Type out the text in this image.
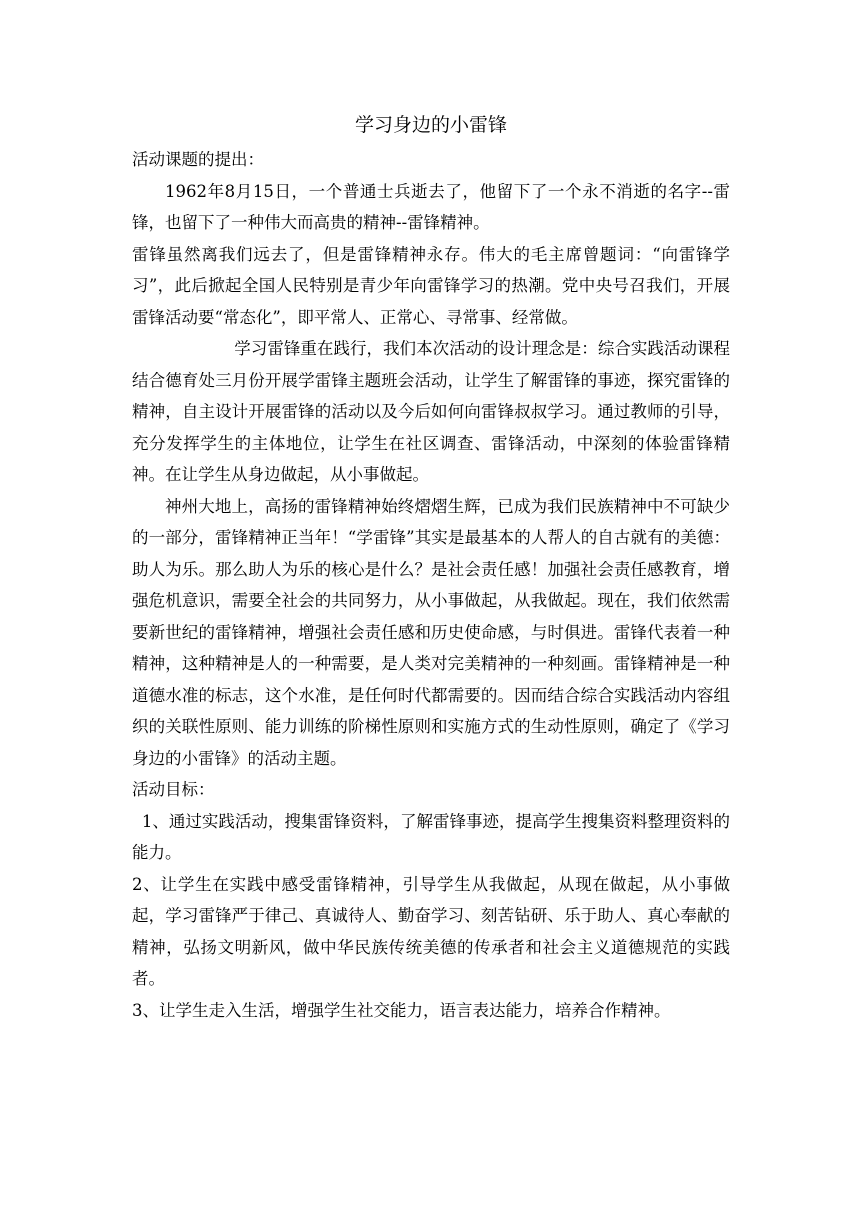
学习身边的小雷锋

活动课题的提出：

1962年8月15日，一个普通士兵逝去了，他留下了一个永不消逝的名字--雷锋，也留下了一种伟大而高贵的精神--雷锋精神。

雷锋虽然离我们远去了，但是雷锋精神永存。伟大的毛主席曾题词：“向雷锋学习”，此后掀起全国人民特别是青少年向雷锋学习的热潮。党中央号召我们，开展雷锋活动要“常态化”，即平常人、正常心、寻常事、经常做。

学习雷锋重在践行，我们本次活动的设计理念是：综合实践活动课程结合德育处三月份开展学雷锋主题班会活动，让学生了解雷锋的事迹，探究雷锋的精神，自主设计开展雷锋的活动以及今后如何向雷锋叔叔学习。通过教师的引导，充分发挥学生的主体地位，让学生在社区调查、雷锋活动，中深刻的体验雷锋精神。在让学生从身边做起，从小事做起。

神州大地上，高扬的雷锋精神始终熠熠生辉，已成为我们民族精神中不可缺少的一部分，雷锋精神正当年！“学雷锋”其实是最基本的人帮人的自古就有的美德：助人为乐。那么助人为乐的核心是什么？是社会责任感！加强社会责任感教育，增强危机意识，需要全社会的共同努力，从小事做起，从我做起。现在，我们依然需要新世纪的雷锋精神，增强社会责任感和历史使命感，与时俱进。雷锋代表着一种精神，这种精神是人的一种需要，是人类对完美精神的一种刻画。雷锋精神是一种道德水准的标志，这个水准，是任何时代都需要的。因而结合综合实践活动内容组织的关联性原则、能力训练的阶梯性原则和实施方式的生动性原则，确定了《学习身边的小雷锋》的活动主题。

活动目标：

1、通过实践活动，搜集雷锋资料，了解雷锋事迹，提高学生搜集资料整理资料的能力。

2、让学生在实践中感受雷锋精神，引导学生从我做起，从现在做起，从小事做起，学习雷锋严于律己、真诚待人、勤奋学习、刻苦钻研、乐于助人、真心奉献的精神，弘扬文明新风，做中华民族传统美德的传承者和社会主义道德规范的实践者。

3、让学生走入生活，增强学生社交能力，语言表达能力，培养合作精神。
